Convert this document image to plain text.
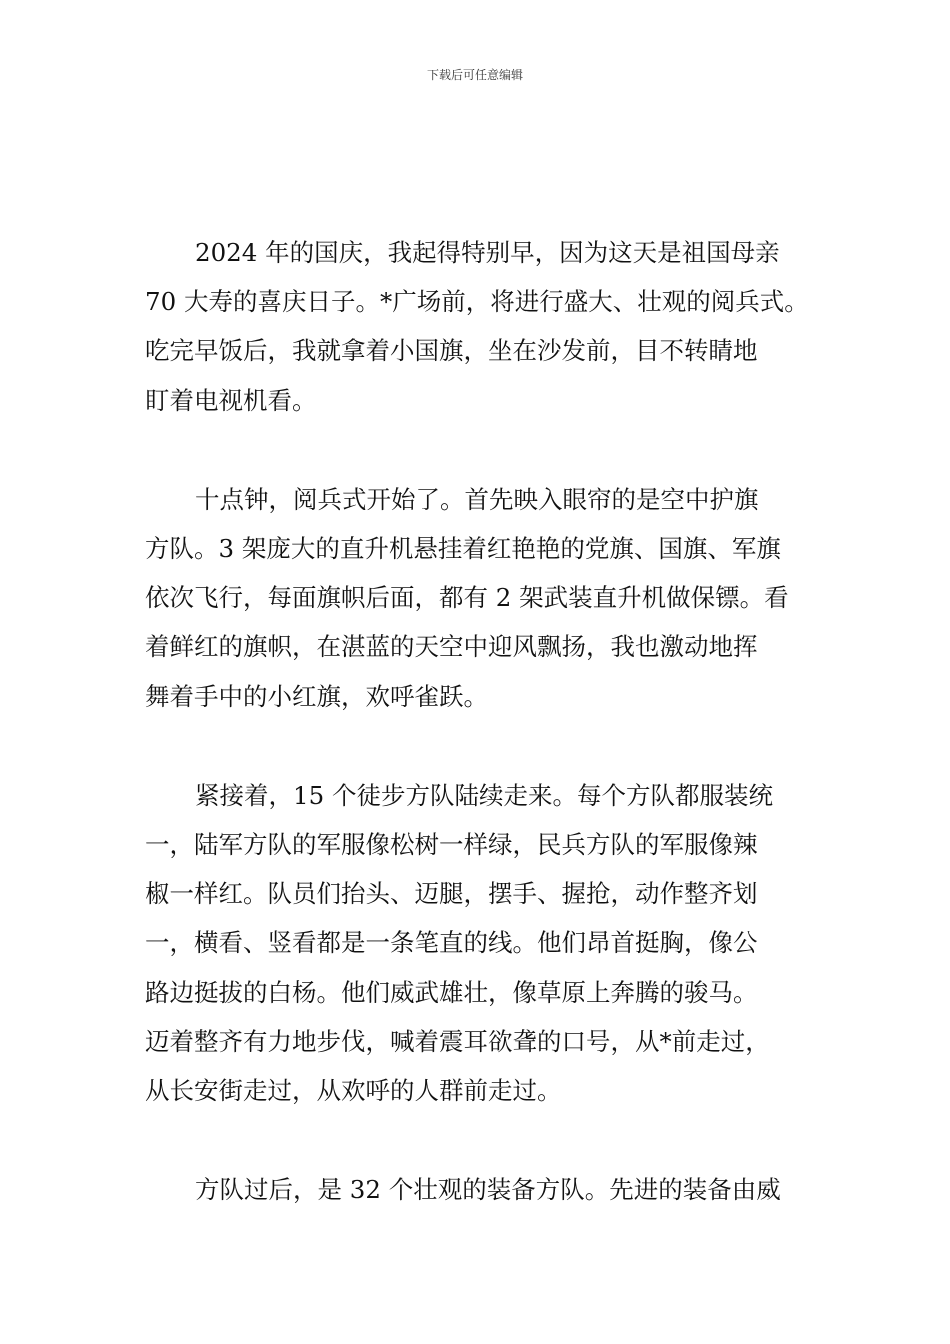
下载后可任意编辑

2024 年的国庆，我起得特别早，因为这天是祖国母亲
70 大寿的喜庆日子。*广场前，将进行盛大、壮观的阅兵式。
吃完早饭后，我就拿着小国旗，坐在沙发前，目不转睛地
盯着电视机看。

十点钟，阅兵式开始了。首先映入眼帘的是空中护旗
方队。3 架庞大的直升机悬挂着红艳艳的党旗、国旗、军旗
依次飞行，每面旗帜后面，都有 2 架武装直升机做保镖。看
着鲜红的旗帜，在湛蓝的天空中迎风飘扬，我也激动地挥
舞着手中的小红旗，欢呼雀跃。

紧接着，15 个徒步方队陆续走来。每个方队都服装统
一，陆军方队的军服像松树一样绿，民兵方队的军服像辣
椒一样红。队员们抬头、迈腿，摆手、握抢，动作整齐划
一，横看、竖看都是一条笔直的线。他们昂首挺胸，像公
路边挺拔的白杨。他们威武雄壮，像草原上奔腾的骏马。
迈着整齐有力地步伐，喊着震耳欲聋的口号，从*前走过，
从长安街走过，从欢呼的人群前走过。

方队过后，是 32 个壮观的装备方队。先进的装备由威
